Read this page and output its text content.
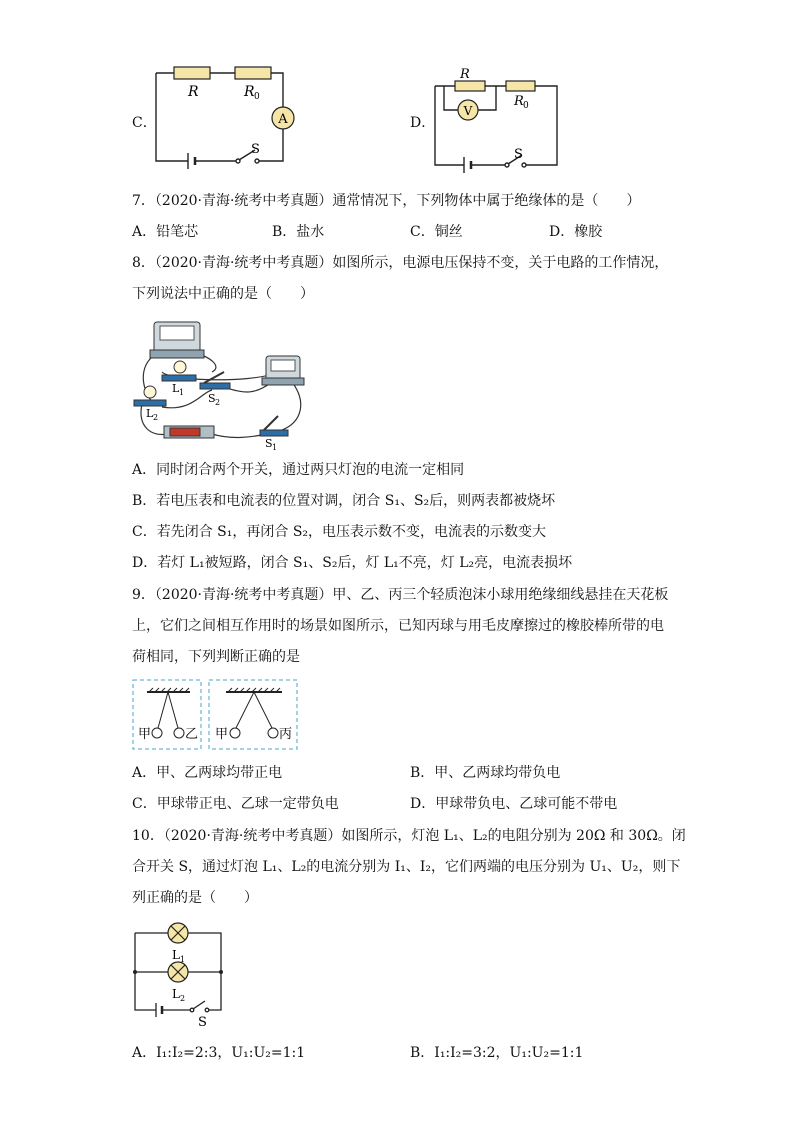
C．	A
R	R 0
S
D．
V
R
R 0
S
7．（2020·青海·统考中考真题）通常情况下，下列物体中属于绝缘体的是（　　）
A．铅笔芯	B．盐水	C．铜丝	D．橡胶
8．（2020·青海·统考中考真题）如图所示，电源电压保持不变，关于电路的工作情况，
下列说法中正确的是（　　）
L 1
L 2
S 2
S 1
A．同时闭合两个开关，通过两只灯泡的电流一定相同
B．若电压表和电流表的位置对调，闭合 S₁、S₂后，则两表都被烧坏
C．若先闭合 S₁，再闭合 S₂，电压表示数不变，电流表的示数变大
D．若灯 L₁被短路，闭合 S₁、S₂后，灯 L₁不亮，灯 L₂亮，电流表损坏
9．（2020·青海·统考中考真题）甲、乙、丙三个轻质泡沫小球用绝缘细线悬挂在天花板
上，它们之间相互作用时的场景如图所示，已知丙球与用毛皮摩擦过的橡胶棒所带的电
荷相同，下列判断正确的是
甲	乙 甲	丙
A．甲、乙两球均带正电	B．甲、乙两球均带负电
C．甲球带正电、乙球一定带负电	D．甲球带负电、乙球可能不带电
10．（2020·青海·统考中考真题）如图所示，灯泡 L₁、L₂的电阻分别为 20Ω 和 30Ω。闭
合开关 S，通过灯泡 L₁、L₂的电流分别为 I₁、I₂，它们两端的电压分别为 U₁、U₂，则下
列正确的是（　　）
L 1
L 2
S
A．I₁:I₂=2:3，U₁:U₂=1:1	B．I₁:I₂=3:2，U₁:U₂=1:1
